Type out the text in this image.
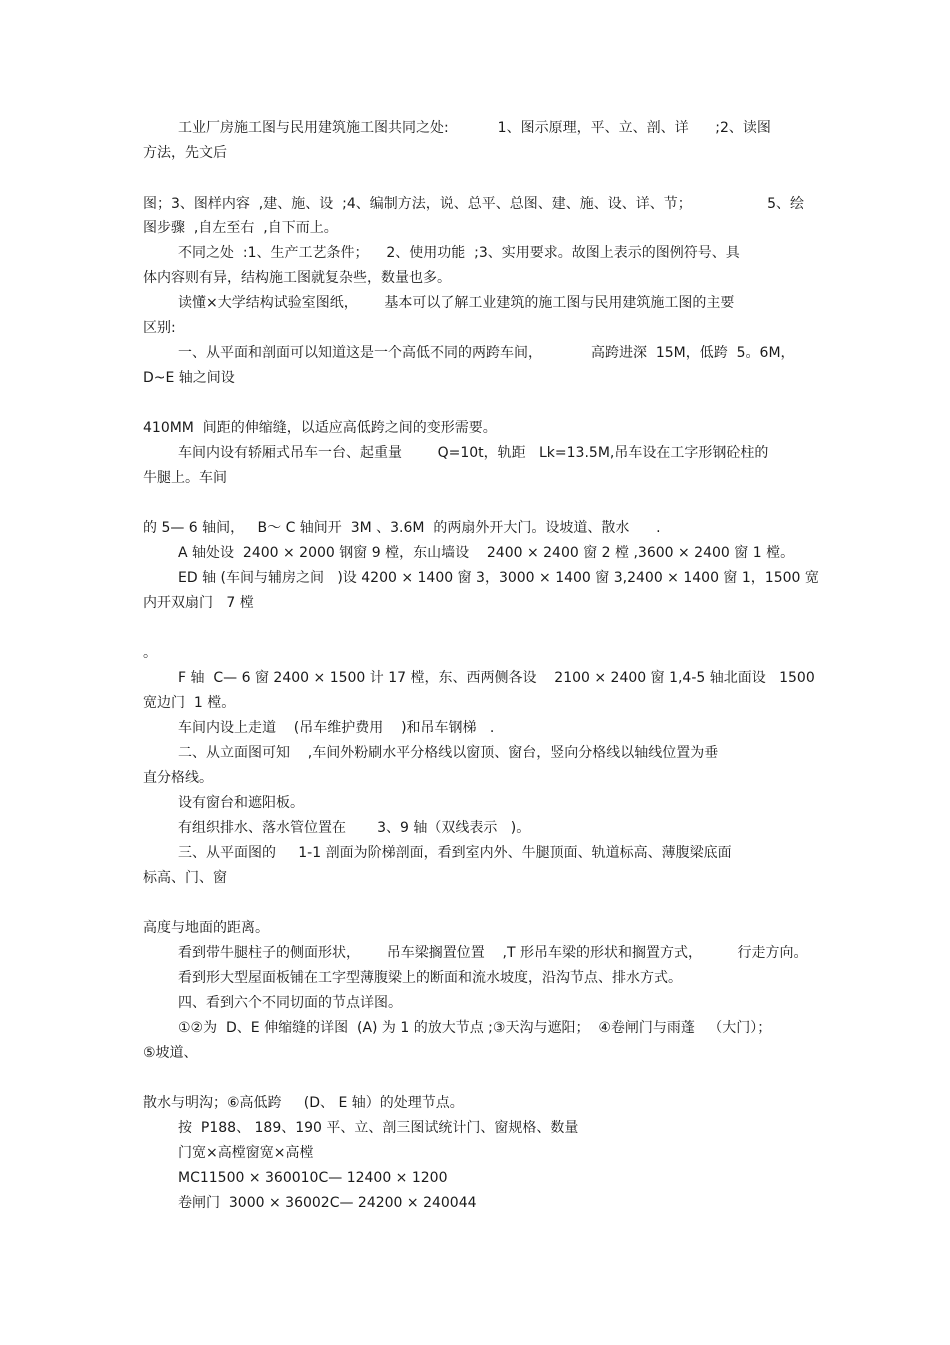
工业厂房施工图与民用建筑施工图共同之处:           1、图示原理，平、立、剖、详      ;2、读图

方法，先文后

图；3、图样内容  ,建、施、设  ;4、编制方法，说、总平、总图、建、施、设、详、节；	5、绘

图步骤  ,自左至右  ,自下而上。

不同之处  :1、生产工艺条件；    2、使用功能  ;3、实用要求。故图上表示的图例符号、具

体内容则有异，结构施工图就复杂些，数量也多。

读懂×大学结构试验室图纸，      基本可以了解工业建筑的施工图与民用建筑施工图的主要

区别:

一、从平面和剖面可以知道这是一个高低不同的两跨车间，           高跨进深  15M，低跨  5。6M，

D~E 轴之间设

410MM  间距的伸缩缝，以适应高低跨之间的变形需要。

车间内设有轿厢式吊车一台、起重量        Q=10t，轨距   Lk=13.5M,吊车设在工字形钢砼柱的

牛腿上。车间

的 5— 6 轴间，   B～ C 轴间开  3M 、3.6M  的两扇外开大门。设坡道、散水      .

A 轴处设  2400 × 2000 钢窗 9 樘，东山墙设    2400 × 2400 窗 2 樘 ,3600 × 2400 窗 1 樘。

ED 轴 (车间与辅房之间   )设 4200 × 1400 窗 3，3000 × 1400 窗 3,2400 × 1400 窗 1，1500 宽

内开双扇门   7 樘

。

F 轴  C— 6 窗 2400 × 1500 计 17 樘，东、西两侧各设    2100 × 2400 窗 1,4-5 轴北面设   1500

宽边门  1 樘。

车间内设上走道    (吊车维护费用    )和吊车钢梯   .

二、从立面图可知    ,车间外粉刷水平分格线以窗顶、窗台，竖向分格线以轴线位置为垂

直分格线。

设有窗台和遮阳板。

有组织排水、落水管位置在       3、9 轴（双线表示   )。

三、从平面图的     1-1 剖面为阶梯剖面，看到室内外、牛腿顶面、轨道标高、薄腹梁底面

标高、门、窗

高度与地面的距离。

看到带牛腿柱子的侧面形状，      吊车梁搁置位置    ,T 形吊车梁的形状和搁置方式，        行走方向。

看到形大型屋面板铺在工字型薄腹梁上的断面和流水坡度，沿沟节点、排水方式。

四、看到六个不同切面的节点详图。

①②为  D、E 伸缩缝的详图  (A) 为 1 的放大节点 ;③天沟与遮阳；  ④卷闸门与雨蓬   （大门）；

⑤坡道、

散水与明沟；⑥高低跨     (D、 E 轴）的处理节点。

按  P188、 189、190 平、立、剖三图试统计门、窗规格、数量

门宽×高樘窗宽×高樘

MC11500 × 360010C— 12400 × 1200

卷闸门  3000 × 36002C— 24200 × 240044
